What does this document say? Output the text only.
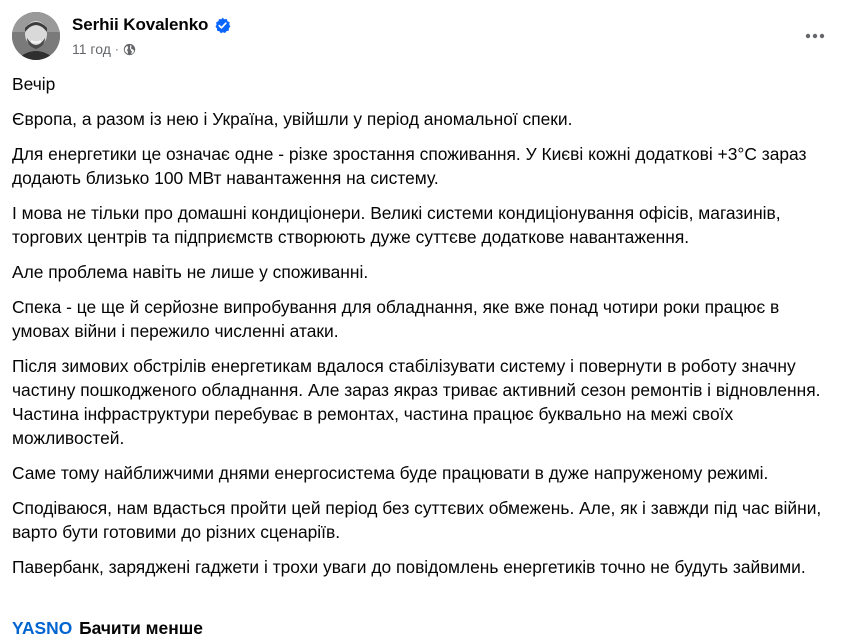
Serhii Kovalenko
11 год ·

Вечір

Європа, а разом із нею і Україна, увійшли у період аномальної спеки.

Для енергетики це означає одне - різке зростання споживання. У Києві кожні додаткові +3°C зараз додають близько 100 МВт навантаження на систему.

І мова не тільки про домашні кондиціонери. Великі системи кондиціонування офісів, магазинів, торгових центрів та підприємств створюють дуже суттєве додаткове навантаження.

Але проблема навіть не лише у споживанні.

Спека - це ще й серйозне випробування для обладнання, яке вже понад чотири роки працює в умовах війни і пережило численні атаки.

Після зимових обстрілів енергетикам вдалося стабілізувати систему і повернути в роботу значну частину пошкодженого обладнання. Але зараз якраз триває активний сезон ремонтів і відновлення. Частина інфраструктури перебуває в ремонтах, частина працює буквально на межі своїх можливостей.

Саме тому найближчими днями енергосистема буде працювати в дуже напруженому режимі.

Сподіваюся, нам вдасться пройти цей період без суттєвих обмежень. Але, як і завжди під час війни, варто бути готовими до різних сценаріїв.

Павербанк, заряджені гаджети і трохи уваги до повідомлень енергетиків точно не будуть зайвими.

YASNO Бачити менше
